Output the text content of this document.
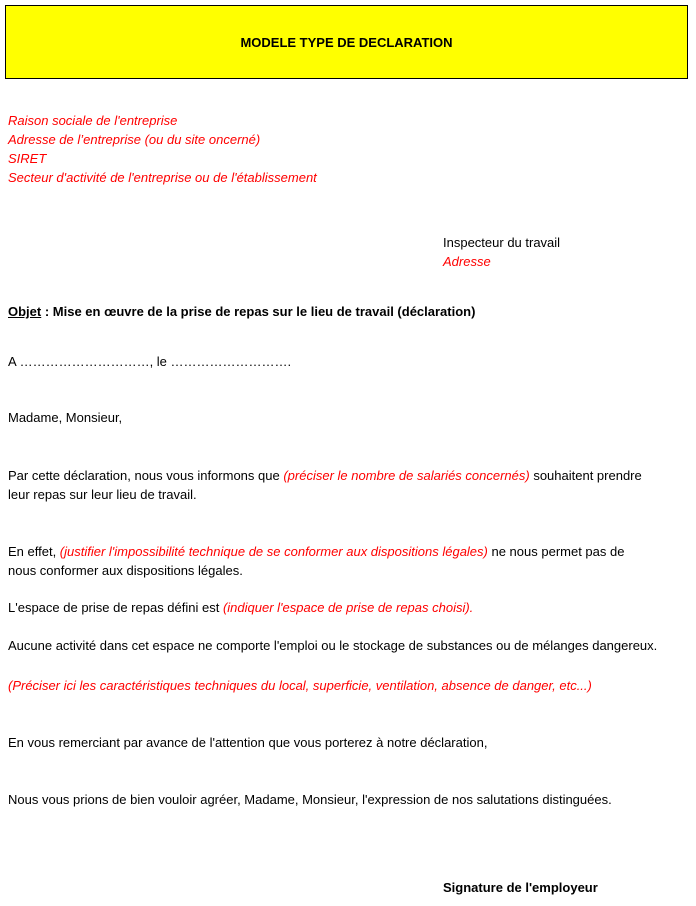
MODELE TYPE DE DECLARATION
Raison sociale de l'entreprise
Adresse de l’entreprise (ou du site oncerné)
SIRET
Secteur d'activité de l'entreprise ou de l'établissement
Inspecteur du travail
Adresse
Objet : Mise en œuvre de la prise de repas sur le lieu de travail (déclaration)
A …………………………, le ……………………….
Madame, Monsieur,
Par cette déclaration, nous vous informons que (préciser le nombre de salariés concernés) souhaitent prendre
leur repas sur leur lieu de travail.
En effet, (justifier l'impossibilité technique de se conformer aux dispositions légales) ne nous permet pas de
nous conformer aux dispositions légales.
L'espace de prise de repas défini est (indiquer l'espace de prise de repas choisi).
Aucune activité dans cet espace ne comporte l'emploi ou le stockage de substances ou de mélanges dangereux.
(Préciser ici les caractéristiques techniques du local, superficie, ventilation, absence de danger, etc...)
En vous remerciant par avance de l'attention que vous porterez à notre déclaration,
Nous vous prions de bien vouloir agréer, Madame, Monsieur, l'expression de nos salutations distinguées.
Signature de l'employeur
